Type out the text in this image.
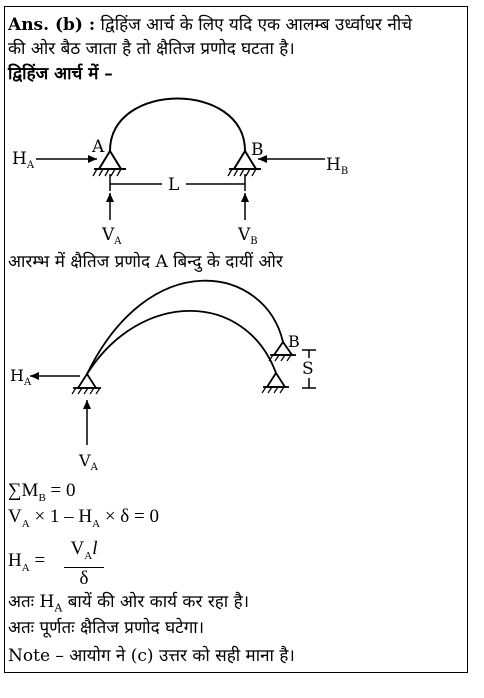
Ans. (b) : द्विहिंज आर्च के लिए यदि एक आलम्ब उर्ध्वाधर नीचे
की ओर बैठ जाता है तो क्षैतिज प्रणोद घटता है।
द्विहिंज आर्च में –
$H_A$	$H_B$
A	B
L
$V_A$	$V_B$
आरम्भ में क्षैतिज प्रणोद A बिन्दु के दायीं ओर
B
S
$H_A$
$V_A$
$\sum M_B = 0$
$V_A \times 1 - H_A \times \delta = 0$
$H_A$ =
$V_Al$
δ
अतः $H_A$ बायें की ओर कार्य कर रहा है।
अतः पूर्णतः क्षैतिज प्रणोद घटेगा।
Note – आयोग ने (c) उत्तर को सही माना है।
